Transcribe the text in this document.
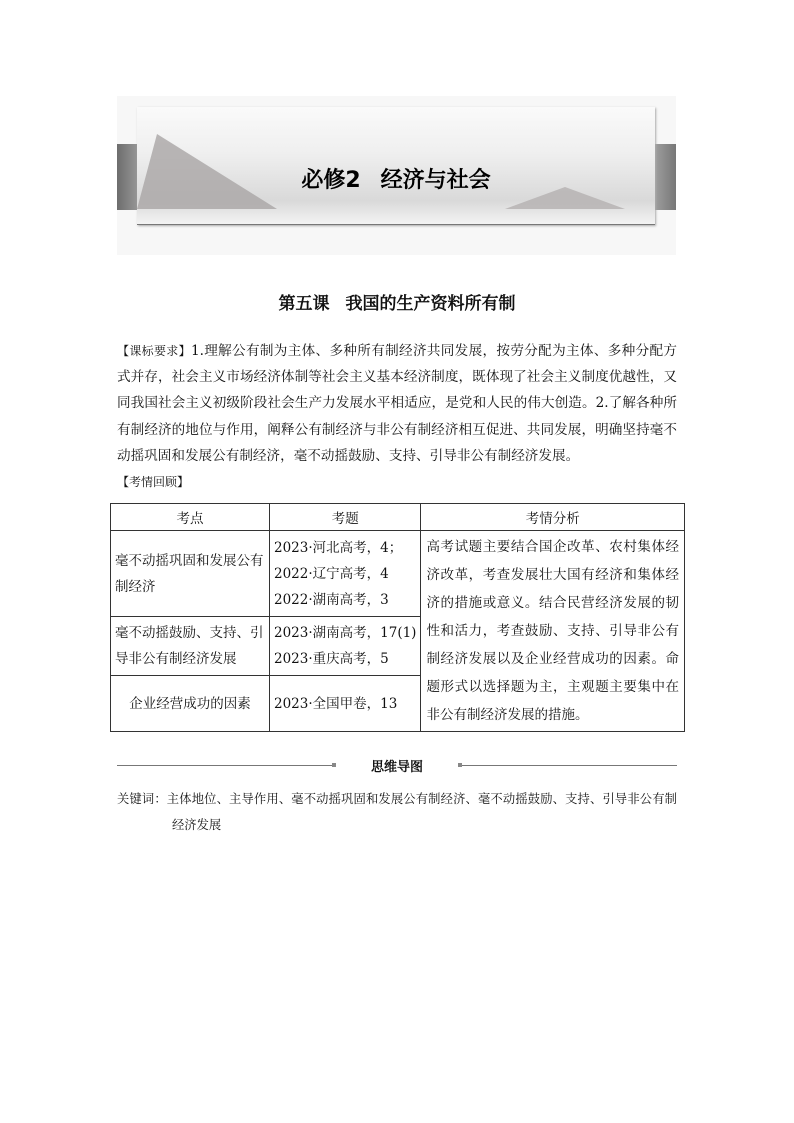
必修2 经济与社会
第五课 我国的生产资料所有制
【课标要求】1.理解公有制为主体、多种所有制经济共同发展，按劳分配为主体、多种分配方式并存，社会主义市场经济体制等社会主义基本经济制度，既体现了社会主义制度优越性，又同我国社会主义初级阶段社会生产力发展水平相适应，是党和人民的伟大创造。2.了解各种所有制经济的地位与作用，阐释公有制经济与非公有制经济相互促进、共同发展，明确坚持毫不动摇巩固和发展公有制经济，毫不动摇鼓励、支持、引导非公有制经济发展。
【考情回顾】
考点	考题	考情分析
毫不动摇巩固和发展公有制经济	2023·河北高考，4；
2022·辽宁高考，4
2022·湖南高考，3	高考试题主要结合国企改革、农村集体经济改革，考查发展壮大国有经济和集体经济的措施或意义。结合民营经济发展的韧性和活力，考查鼓励、支持、引导非公有制经济发展以及企业经营成功的因素。命题形式以选择题为主，主观题主要集中在非公有制经济发展的措施。
毫不动摇鼓励、支持、引导非公有制经济发展	2023·湖南高考，17(1)
2023·重庆高考，5	

企业经营成功的因素	2023·全国甲卷，13	
思维导图
关键词：主体地位、主导作用、毫不动摇巩固和发展公有制经济、毫不动摇鼓励、支持、引导非公有制经济发展
